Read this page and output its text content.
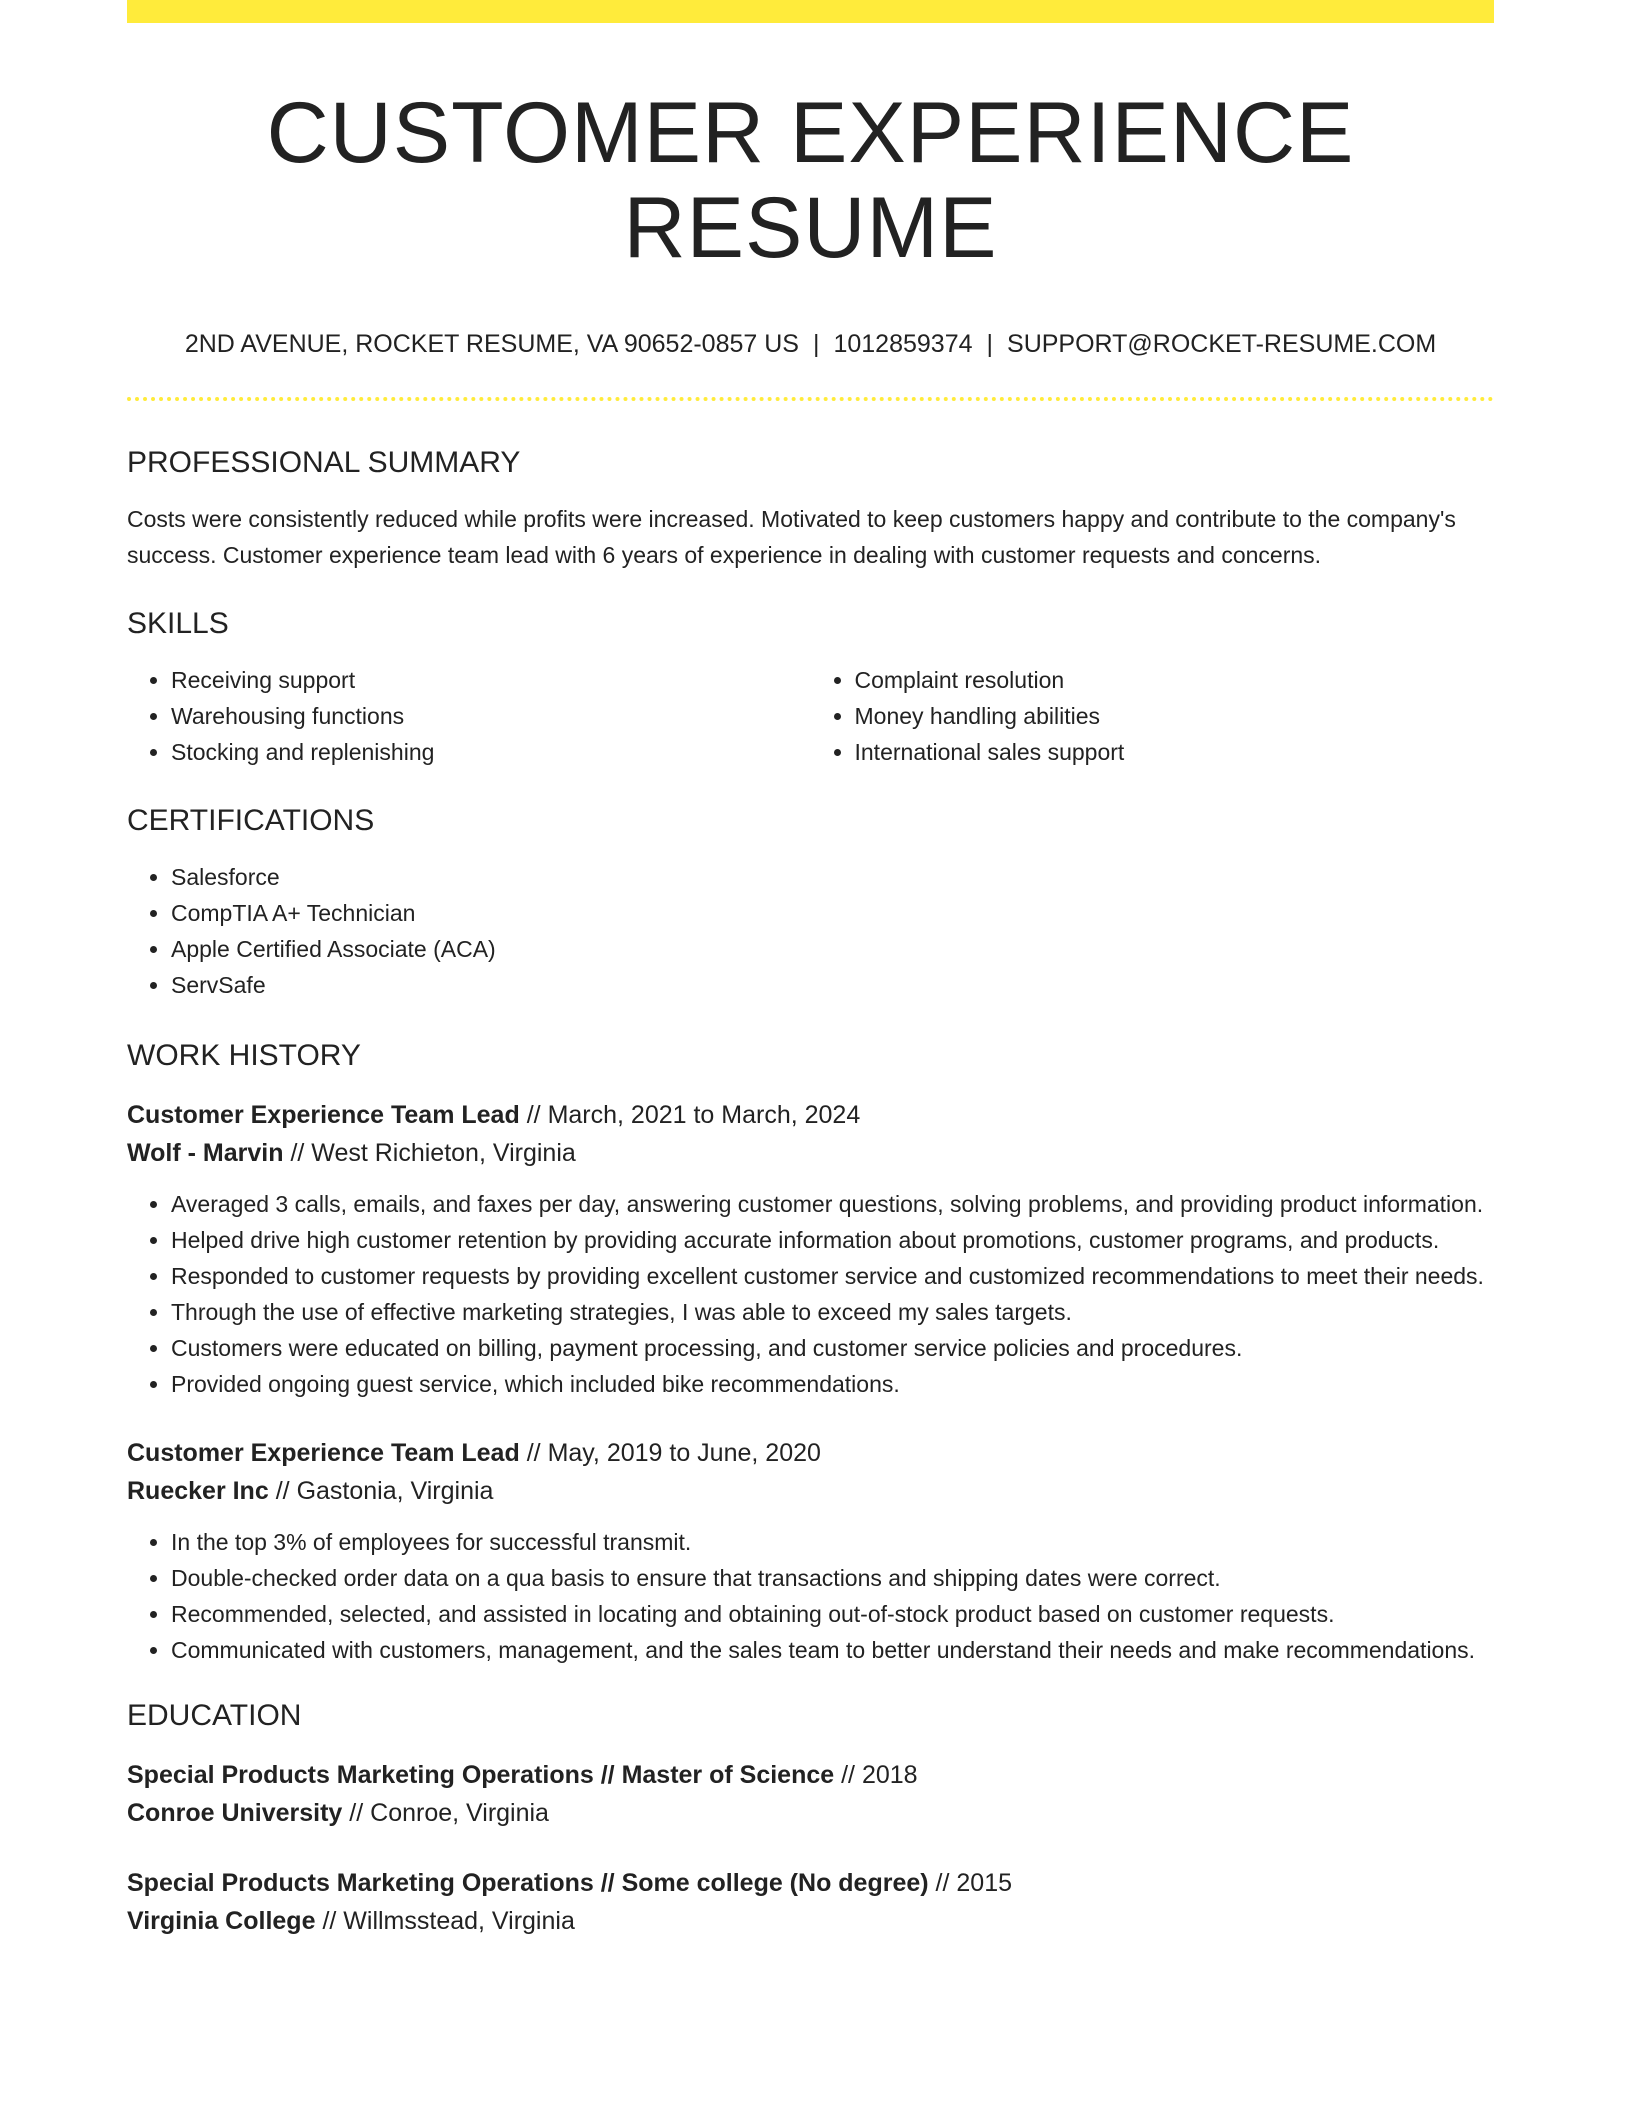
CUSTOMER EXPERIENCE RESUME
2ND AVENUE, ROCKET RESUME, VA 90652-0857 US | 1012859374 | SUPPORT@ROCKET-RESUME.COM
PROFESSIONAL SUMMARY

Costs were consistently reduced while profits were increased. Motivated to keep customers happy and contribute to the company's success. Customer experience team lead with 6 years of experience in dealing with customer requests and concerns.

SKILLS
• Receiving support
• Warehousing functions
• Stocking and replenishing
• Complaint resolution
• Money handling abilities
• International sales support
CERTIFICATIONS
• Salesforce
• CompTIA A+ Technician
• Apple Certified Associate (ACA)
• ServSafe
WORK HISTORY

Customer Experience Team Lead // March, 2021 to March, 2024

Wolf - Marvin // West Richieton, Virginia

• Averaged 3 calls, emails, and faxes per day, answering customer questions, solving problems, and providing product information.
• Helped drive high customer retention by providing accurate information about promotions, customer programs, and products.
• Responded to customer requests by providing excellent customer service and customized recommendations to meet their needs.
• Through the use of effective marketing strategies, I was able to exceed my sales targets.
• Customers were educated on billing, payment processing, and customer service policies and procedures.
• Provided ongoing guest service, which included bike recommendations.

Customer Experience Team Lead // May, 2019 to June, 2020

Ruecker Inc // Gastonia, Virginia

• In the top 3% of employees for successful transmit.
• Double-checked order data on a qua basis to ensure that transactions and shipping dates were correct.
• Recommended, selected, and assisted in locating and obtaining out-of-stock product based on customer requests.
• Communicated with customers, management, and the sales team to better understand their needs and make recommendations.
EDUCATION

Special Products Marketing Operations // Master of Science // 2018

Conroe University // Conroe, Virginia

Special Products Marketing Operations // Some college (No degree) // 2015

Virginia College // Willmsstead, Virginia
